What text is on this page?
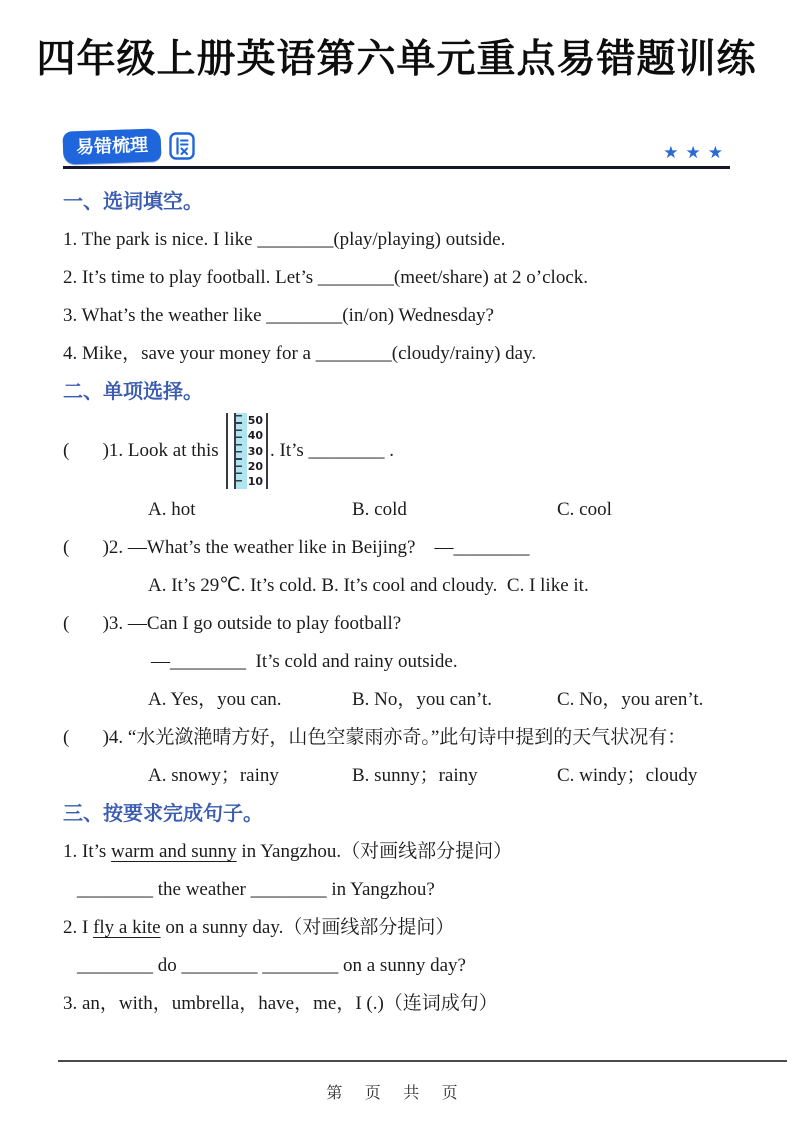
四年级上册英语第六单元重点易错题训练
易错梳理	★★★
一、选词填空。
1. The park is nice. I like ________(play/playing) outside.
2. It’s time to play football. Let’s ________(meet/share) at 2 o’clock.
3. What’s the weather like ________(in/on) Wednesday?
4. Mike，save your money for a ________(cloudy/rainy) day.
二、单项选择。
(       )1. Look at this
50
40
30
20
10
. It’s ________ .
A. hot	B. cold	C. cool
(       )2. —What’s the weather like in Beijing?    —________
A. It’s 29℃. It’s cold. B. It’s cool and cloudy.  C. I like it.
(       )3. —Can I go outside to play football?
—________  It’s cold and rainy outside.
A. Yes，you can.	B. No，you can’t.	C. No，you aren’t.
(       )4. “水光潋滟晴方好，山色空蒙雨亦奇。”此句诗中提到的天气状况有：
A. snowy；rainy	B. sunny；rainy	C. windy；cloudy
三、按要求完成句子。
1. It’s warm and sunny in Yangzhou.（对画线部分提问）
________ the weather ________ in Yangzhou?
2. I fly a kite on a sunny day.（对画线部分提问）
________ do ________ ________ on a sunny day?
3. an，with，umbrella，have，me，I (.)（连词成句）
第 页 共 页
